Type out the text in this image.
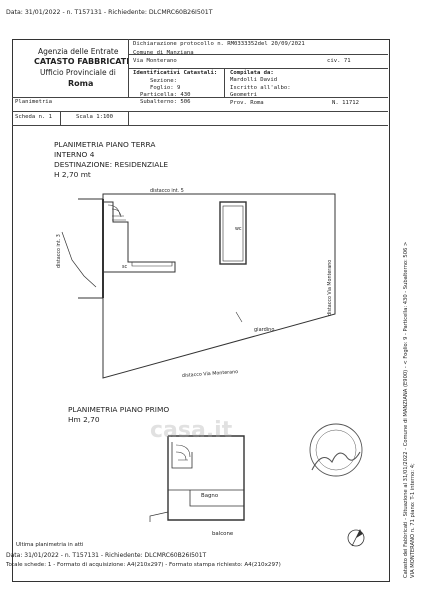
Data: 31/01/2022 - n. T157131 - Richiedente: DLCMRC60B26I501T
Agenzia delle Entrate
CATASTO FABBRICATI
Ufficio Provinciale di
Roma
Dichiarazione protocollo n. RM0333352del 20/09/2021
Comune di Manziana
Via Monterano	civ. 71
Identificativi Catastali:
Sezione:
Foglio: 9
Particella: 430
Subalterno: 506
Compilata da:
Mardolli David
Iscritto all'albo:
Geometri
Prov. Roma	N. 11712
Planimetria
Scheda n. 1	Scala 1:100
PLANIMETRIA PIANO TERRA
INTERNO 4
DESTINAZIONE: RESIDENZIALE
H 2,70 mt
distacco int. 5
distacco int. 3
distacco Via Monterano
distacco Via Monterano
giardino
wc
sc
PLANIMETRIA PIANO PRIMO
Hm 2,70
Bagno
balcone
casa.it	Catasto dei Fabbricati - Situazione al 31/01/2022 - Comune di MANZIANA (E900) - < Foglio: 9 - Particella: 430 - Subalterno: 506 > VIA MONTERANO n. 71 piano: T-1 interno: 4;
Ultima planimetria in atti
Data: 31/01/2022 - n. T157131 - Richiedente: DLCMRC60B26I501T
Totale schede: 1 - Formato di acquisizione: A4(210x297) - Formato stampa richiesto: A4(210x297)
